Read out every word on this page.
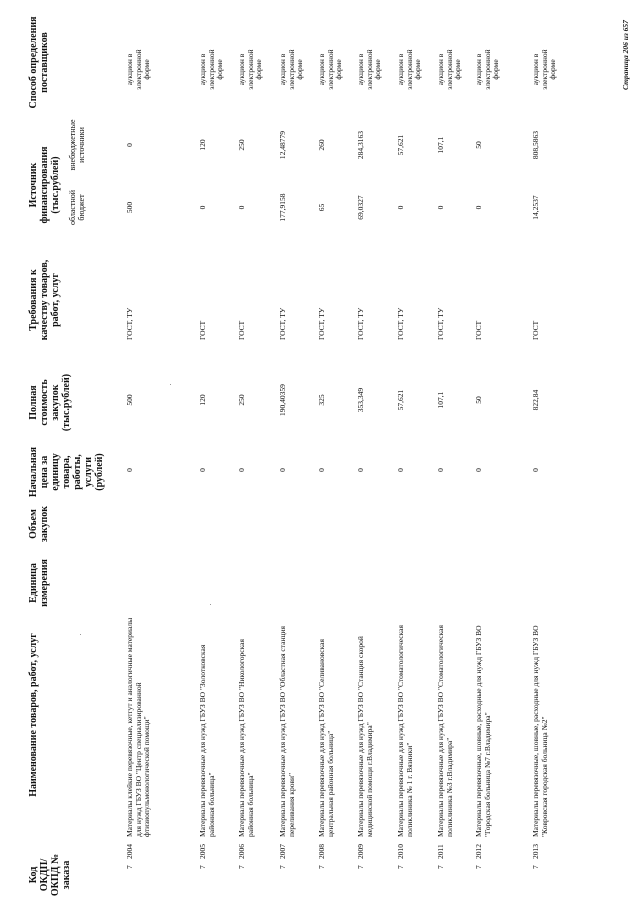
Код ОКДП/ ОКПД № заказа
Наименование товаров, работ, услуг
Единица измерения
Объем закупок
Начальная цена за единицу товара, работы, услуги (рублей)
Полная стоимость закупок (тыс.рублей)
Требования к качеству товаров, работ, услуг
Источник финансирования (тыс.рублей) областной бюджет
внебюджетные источники
Способ определения поставщиков
7
2004
Материалы клейкие перевязочные, кетгут и аналогичные материалы для нужд ГБУЗ ВО "Центр специализированной фтизиопульмонологической помощи"
0
500
ГОСТ, ТУ
500
0
аукцион в электронной форме
7
2005
Материалы перевязочные для нужд ГБУЗ ВО "Золотковская районная больница"
0
120
ГОСТ
0
120
аукцион в электронной форме
7
2006
Материалы перевязочные для нужд ГБУЗ ВО "Никологорская районная больница"
0
250
ГОСТ
0
250
аукцион в электронной форме
7
2007
Материалы перевязочные для нужд ГБУЗ ВО "Областная станция переливания крови"
0
190,40359
ГОСТ, ТУ
177,9158
12,48779
аукцион в электронной форме
7
2008
Материалы перевязочные для нужд ГБУЗ ВО "Селивановская центральная районная больница"
0
325
ГОСТ, ТУ
65
260
аукцион в электронной форме
7
2009
Материалы перевязочные для нужд ГБУЗ ВО "Станция скорой медицинской помощи г.Владимира"
0
353,349
ГОСТ, ТУ
69,0327
284,3163
аукцион в электронной форме
7
2010
Материалы перевязочные для нужд ГБУЗ ВО "Стоматологическая поликлиника № 1 г. Вязники"
0
57,621
ГОСТ, ТУ
0
57,621
аукцион в электронной форме
7
2011
Материалы перевязочные для нужд ГБУЗ ВО "Стоматологическая поликлиника №3 г.Владимира"
0
107,1
ГОСТ, ТУ
0
107,1
аукцион в электронной форме
7
2012
Материалы перевязочные, шовные, расходные для нужд ГБУЗ ВО "Городская больница №7 г.Владимира"
0
50
ГОСТ
0
50
аукцион в электронной форме
7
2013
Материалы перевязочные, шовные, расходные для нужд ГБУЗ ВО "Ковровская городская больница №2"
0
822,84
ГОСТ
14,2537
808,5863
аукцион в электронной форме	Страница 206 из 657
